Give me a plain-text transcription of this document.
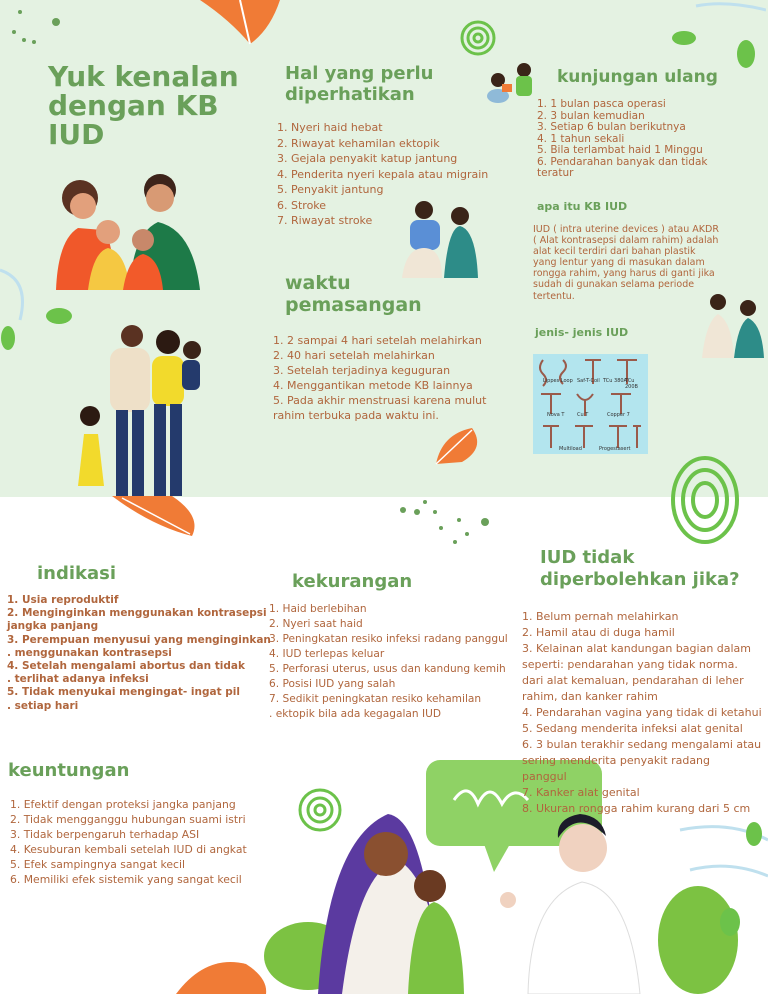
Yuk kenalan
dengan KB
IUD
Hal yang perlu
diperhatikan
1. Nyeri haid hebat
2. Riwayat kehamilan ektopik
3. Gejala penyakit katup jantung
4. Penderita nyeri kepala atau migrain
5. Penyakit jantung
6. Stroke
7. Riwayat stroke
waktu
pemasangan
1. 2 sampai 4 hari setelah melahirkan
2. 40 hari setelah melahirkan
3. Setelah terjadinya keguguran
4. Menggantikan metode KB lainnya
5. Pada akhir menstruasi karena mulut
rahim terbuka pada waktu ini.
kunjungan ulang
1. 1 bulan pasca operasi
2. 3 bulan kemudian
3. Setiap 6 bulan berikutnya
4. 1 tahun sekali
5. Bila terlambat haid 1 Minggu
6. Pendarahan banyak dan tidak
teratur
apa itu KB IUD
IUD ( intra uterine devices ) atau AKDR
( Alat kontrasepsi dalam rahim) adalah
alat kecil terdiri dari bahan plastik
yang lentur yang di masukan dalam
rongga rahim, yang harus di ganti jika
sudah di gunakan selama periode
tertentu.
jenis- jenis IUD
Lippes Loop Saf-T-Coil TCu 380A
TCu 200B
Nova T	Cu T	Copper 7
Multiload	Progestasert
indikasi
1. Usia reproduktif
2. Menginginkan menggunakan kontrasepsi
jangka panjang
3. Perempuan menyusui yang menginginkan
. menggunakan kontrasepsi
4. Setelah mengalami abortus dan tidak
. terlihat adanya infeksi
5. Tidak menyukai mengingat- ingat pil
. setiap hari
kekurangan
1. Haid berlebihan
2. Nyeri saat haid
3. Peningkatan resiko infeksi radang panggul
4. IUD terlepas keluar
5. Perforasi uterus, usus dan kandung kemih
6. Posisi IUD yang salah
7. Sedikit peningkatan resiko kehamilan
. ektopik bila ada kegagalan IUD
IUD tidak
diperbolehkan jika?
1. Belum pernah melahirkan
2. Hamil atau di duga hamil
3. Kelainan alat kandungan bagian dalam
seperti: pendarahan yang tidak norma.
dari alat kemaluan, pendarahan di leher
rahim, dan kanker rahim
4. Pendarahan vagina yang tidak di ketahui
5. Sedang menderita infeksi alat genital
6. 3 bulan terakhir sedang mengalami atau
sering menderita penyakit radang
panggul
7. Kanker alat genital
8. Ukuran rongga rahim kurang dari 5 cm
keuntungan
1. Efektif dengan proteksi jangka panjang
2. Tidak mengganggu hubungan suami istri
3. Tidak berpengaruh terhadap ASI
4. Kesuburan kembali setelah IUD di angkat
5. Efek sampingnya sangat kecil
6. Memiliki efek sistemik yang sangat kecil
